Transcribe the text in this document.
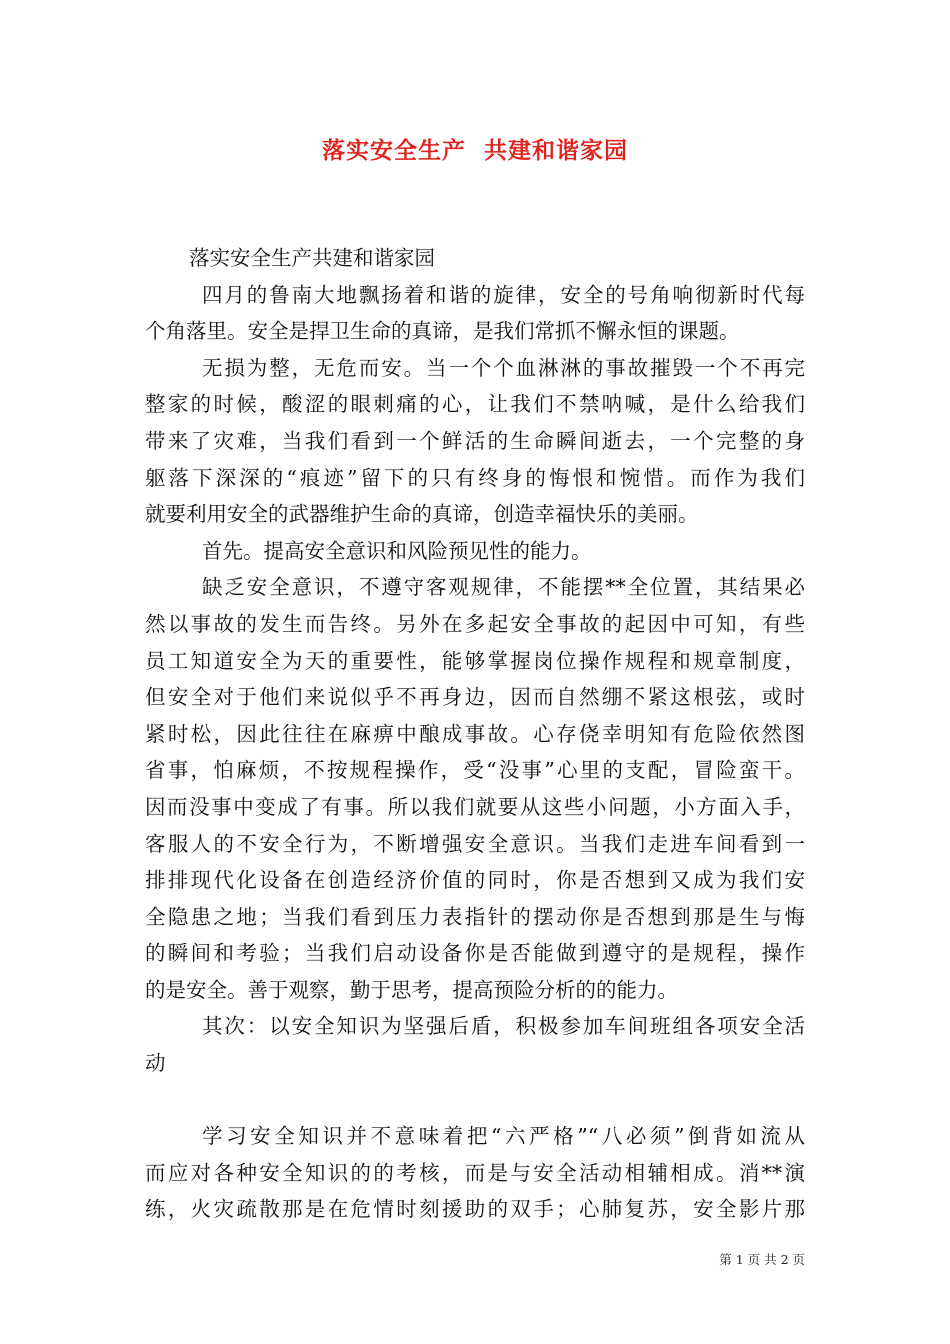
落实安全生产  共建和谐家园
落实安全生产共建和谐家园
四月的鲁南大地飘扬着和谐的旋律，安全的号角响彻新时代每
个角落里。安全是捍卫生命的真谛，是我们常抓不懈永恒的课题。
无损为整，无危而安。当一个个血淋淋的事故摧毁一个不再完
整家的时候，酸涩的眼刺痛的心，让我们不禁呐喊，是什么给我们
带来了灾难，当我们看到一个鲜活的生命瞬间逝去，一个完整的身
躯落下深深的“痕迹”留下的只有终身的悔恨和惋惜。而作为我们
就要利用安全的武器维护生命的真谛，创造幸福快乐的美丽。
首先。提高安全意识和风险预见性的能力。
缺乏安全意识，不遵守客观规律，不能摆**全位置，其结果必
然以事故的发生而告终。另外在多起安全事故的起因中可知，有些
员工知道安全为天的重要性，能够掌握岗位操作规程和规章制度，
但安全对于他们来说似乎不再身边，因而自然绷不紧这根弦，或时
紧时松，因此往往在麻痹中酿成事故。心存侥幸明知有危险依然图
省事，怕麻烦，不按规程操作，受“没事”心里的支配，冒险蛮干。
因而没事中变成了有事。所以我们就要从这些小问题，小方面入手，
客服人的不安全行为，不断增强安全意识。当我们走进车间看到一
排排现代化设备在创造经济价值的同时，你是否想到又成为我们安
全隐患之地；当我们看到压力表指针的摆动你是否想到那是生与悔
的瞬间和考验；当我们启动设备你是否能做到遵守的是规程，操作
的是安全。善于观察，勤于思考，提高预险分析的的能力。
其次：以安全知识为坚强后盾，积极参加车间班组各项安全活
动
学习安全知识并不意味着把“六严格”“八必须”倒背如流从
而应对各种安全知识的的考核，而是与安全活动相辅相成。消**演
练，火灾疏散那是在危情时刻援助的双手；心肺复苏，安全影片那
第 1 页 共 2 页
